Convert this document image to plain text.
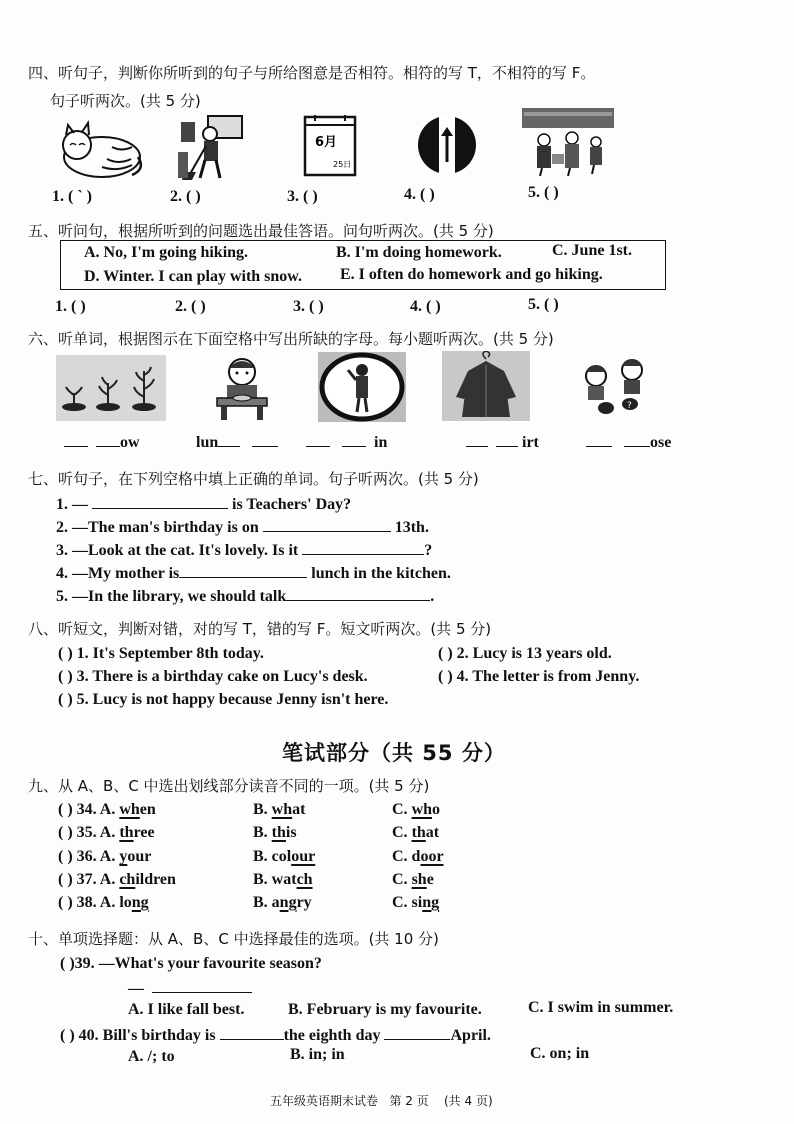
四、听句子，判断你所听到的句子与所给图意是否相符。相符的写 T，不相符的写 F。
句子听两次。(共 5 分)
6月
25日
1. ( ` )	2. ( )	3. ( )	4. ( )	5. ( )
五、听问句，根据所听到的问题选出最佳答语。问句听两次。(共 5 分)
A. No, I'm going hiking.	B. I'm doing homework.	C. June 1st.
D. Winter. I can play with snow. E. I often do homework and go hiking.
1. ( )	2. ( )	3. ( )	4. ( )	5. ( )
六、听单词，根据图示在下面空格中写出所缺的字母。每小题听两次。(共 5 分)
?
ow	lun	in	irt	ose
七、听句子，在下列空格中填上正确的单词。句子听两次。(共 5 分)
1. —	is Teachers' Day?
2. —The man's birthday is on	13th.
3. —Look at the cat. It's lovely. Is it	?
4. —My mother is	lunch in the kitchen.
5. —In the library, we should talk	.
八、听短文，判断对错，对的写 T，错的写 F。短文听两次。(共 5 分)
( ) 1. It's September 8th today.	( ) 2. Lucy is 13 years old.
( ) 3. There is a birthday cake on Lucy's desk.	( ) 4. The letter is from Jenny.
( ) 5. Lucy is not happy because Jenny isn't here.
笔试部分（共 55 分）
九、从 A、B、C 中选出划线部分读音不同的一项。(共 5 分)
( ) 34. A. when	B. what	C. who
( ) 35. A. three	B. this	C. that
( ) 36. A. your	B. colour	C. door
( ) 37. A. children	B. watch	C. she
( ) 38. A. long	B. angry	C. sing
十、单项选择题：从 A、B、C 中选择最佳的选项。(共 10 分)
( )39. —What's your favourite season?
—
A. I like fall best.	B. February is my favourite.	C. I swim in summer.
( ) 40. Bill's birthday is	the eighth day	April.
A. /; to	B. in; in	C. on; in
五年级英语期末试卷 第 2 页 (共 4 页)
